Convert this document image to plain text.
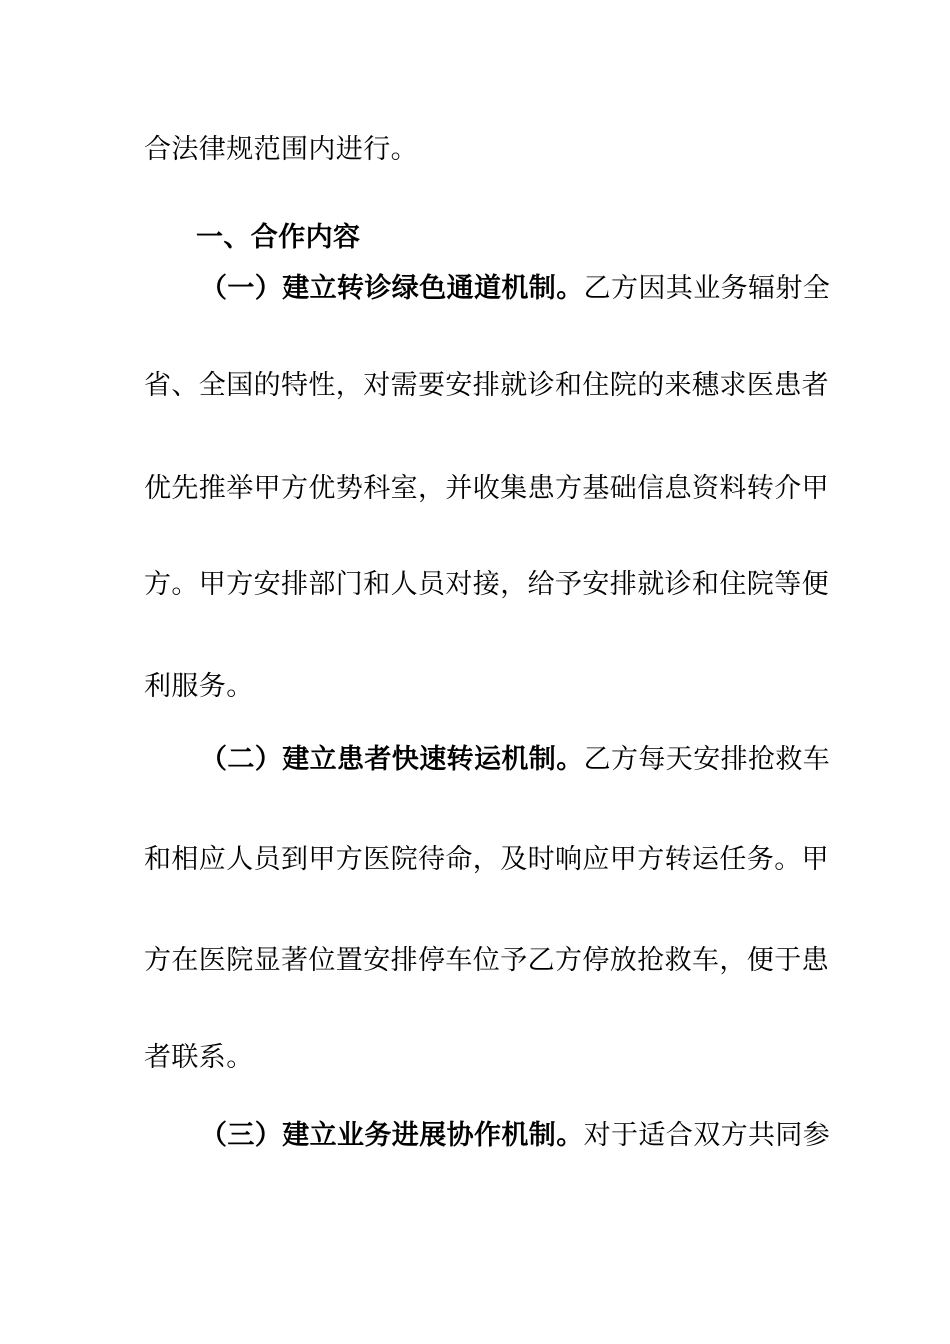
合法律规范围内进行。
一、合作内容
（一）建立转诊绿色通道机制。乙方因其业务辐射全
省、全国的特性，对需要安排就诊和住院的来穗求医患者
优先推举甲方优势科室，并收集患方基础信息资料转介甲
方。甲方安排部门和人员对接，给予安排就诊和住院等便
利服务。
（二）建立患者快速转运机制。乙方每天安排抢救车
和相应人员到甲方医院待命，及时响应甲方转运任务。甲
方在医院显著位置安排停车位予乙方停放抢救车，便于患
者联系。
（三）建立业务进展协作机制。对于适合双方共同参
